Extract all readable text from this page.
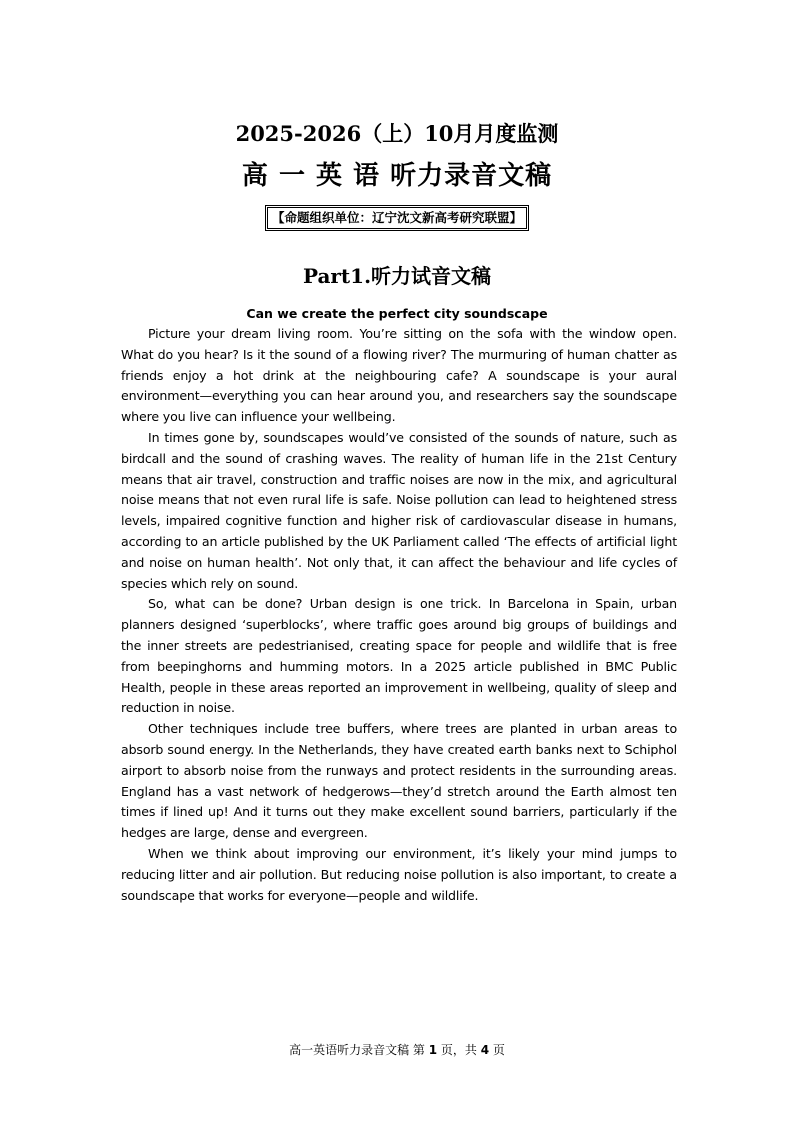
2025-2026（上）10月月度监测
高 一 英 语 听力录音文稿
【命题组织单位：辽宁沈文新高考研究联盟】
Part1.听力试音文稿
Can we create the perfect city soundscape

Picture your dream living room. You’re sitting on the sofa with the window open. What do you hear? Is it the sound of a flowing river? The murmuring of human chatter as friends enjoy a hot drink at the neighbouring cafe? A soundscape is your aural environment—everything you can hear around you, and researchers say the soundscape where you live can influence your wellbeing.

In times gone by, soundscapes would’ve consisted of the sounds of nature, such as birdcall and the sound of crashing waves. The reality of human life in the 21st Century means that air travel, construction and traffic noises are now in the mix, and agricultural noise means that not even rural life is safe. Noise pollution can lead to heightened stress levels, impaired cognitive function and higher risk of cardiovascular disease in humans, according to an article published by the UK Parliament called ‘The effects of artificial light and noise on human health’. Not only that, it can affect the behaviour and life cycles of species which rely on sound.

So, what can be done? Urban design is one trick. In Barcelona in Spain, urban planners designed ‘superblocks’, where traffic goes around big groups of buildings and the inner streets are pedestrianised, creating space for people and wildlife that is free from beepinghorns and humming motors. In a 2025 article published in BMC Public Health, people in these areas reported an improvement in wellbeing, quality of sleep and reduction in noise.

Other techniques include tree buffers, where trees are planted in urban areas to absorb sound energy. In the Netherlands, they have created earth banks next to Schiphol airport to absorb noise from the runways and protect residents in the surrounding areas. England has a vast network of hedgerows—they’d stretch around the Earth almost ten times if lined up! And it turns out they make excellent sound barriers, particularly if the hedges are large, dense and evergreen.

When we think about improving our environment, it’s likely your mind jumps to reducing litter and air pollution. But reducing noise pollution is also important, to create a soundscape that works for everyone—people and wildlife.

高一英语听力录音文稿 第 1 页，共 4 页
